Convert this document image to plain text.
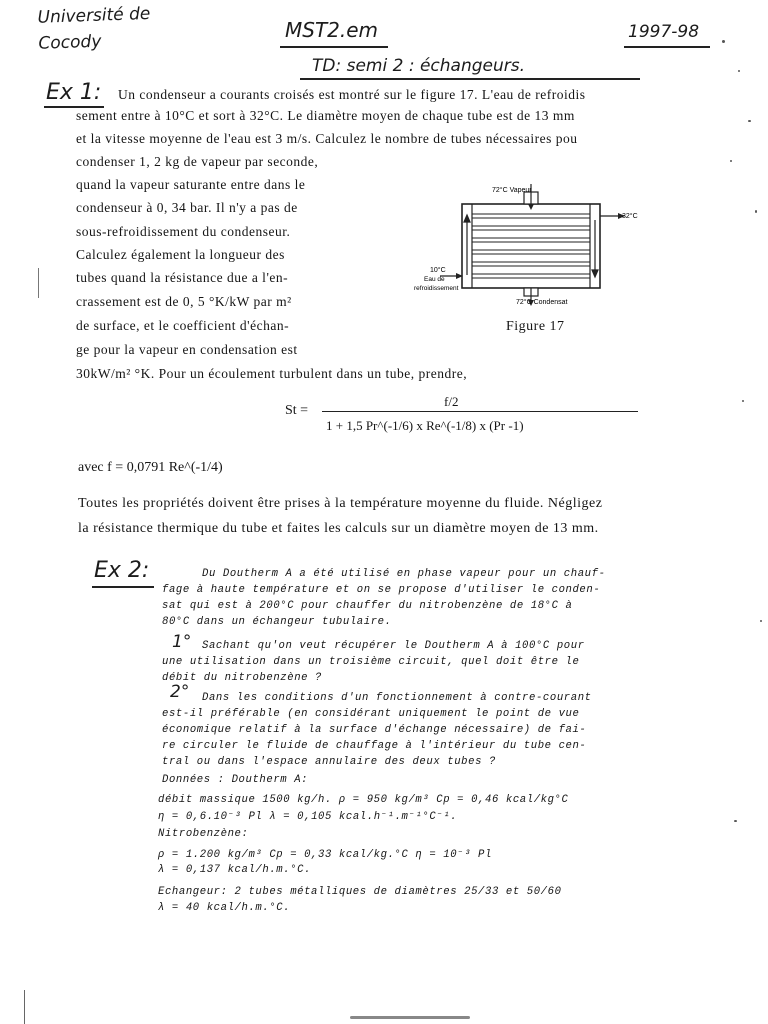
Université de Cocody
MST2.em	1997-98
TD: semi 2 : échangeurs.
Ex 1: Un condenseur a courants croisés est montré sur le figure 17. L'eau de refroidis
sement entre à 10°C et sort à 32°C. Le diamètre moyen de chaque tube est de 13 mm
et la vitesse moyenne de l'eau est 3 m/s. Calculez le nombre de tubes nécessaires pou
condenser 1, 2 kg de vapeur par seconde,
quand la vapeur saturante entre dans le
condenseur à 0, 34 bar. Il n'y a pas de
sous-refroidissement du condenseur.
Calculez également la longueur des
tubes quand la résistance due a l'en-
crassement est de 0, 5 °K/kW par m²
de surface, et le coefficient d'échan-
ge pour la vapeur en condensation est
30kW/m² °K. Pour un écoulement turbulent dans un tube, prendre,
72°C Vapeur
32°C
10°C
Eau de
refroidissement
72°C Condensat
Figure 17
St =
f/2
1 + 1,5 Pr^(-1/6) x Re^(-1/8) x (Pr -1)
avec f = 0,0791 Re^(-1/4)
Toutes les propriétés doivent être prises à la température moyenne du fluide. Négligez
la résistance thermique du tube et faites les calculs sur un diamètre moyen de 13 mm.
Ex 2:
1°
2°
Du Doutherm A a été utilisé en phase vapeur pour un chauf-
fage à haute température et on se propose d'utiliser le conden-
sat qui est à 200°C pour chauffer du nitrobenzène de 18°C à
80°C dans un échangeur tubulaire.
Sachant qu'on veut récupérer le Doutherm A à 100°C pour
une utilisation dans un troisième circuit, quel doit être le
débit du nitrobenzène ?
Dans les conditions d'un fonctionnement à contre-courant
est-il préférable (en considérant uniquement le point de vue
économique relatif à la surface d'échange nécessaire) de fai-
re circuler le fluide de chauffage à l'intérieur du tube cen-
tral ou dans l'espace annulaire des deux tubes ?
Données : Doutherm A:
débit massique 1500 kg/h. ρ = 950 kg/m³ Cp = 0,46 kcal/kg°C
η = 0,6.10⁻³ Pl λ = 0,105 kcal.h⁻¹.m⁻¹°C⁻¹.
Nitrobenzène:
ρ = 1.200 kg/m³ Cp = 0,33 kcal/kg.°C η = 10⁻³ Pl
λ = 0,137 kcal/h.m.°C.
Echangeur: 2 tubes métalliques de diamètres 25/33 et 50/60
λ = 40 kcal/h.m.°C.
